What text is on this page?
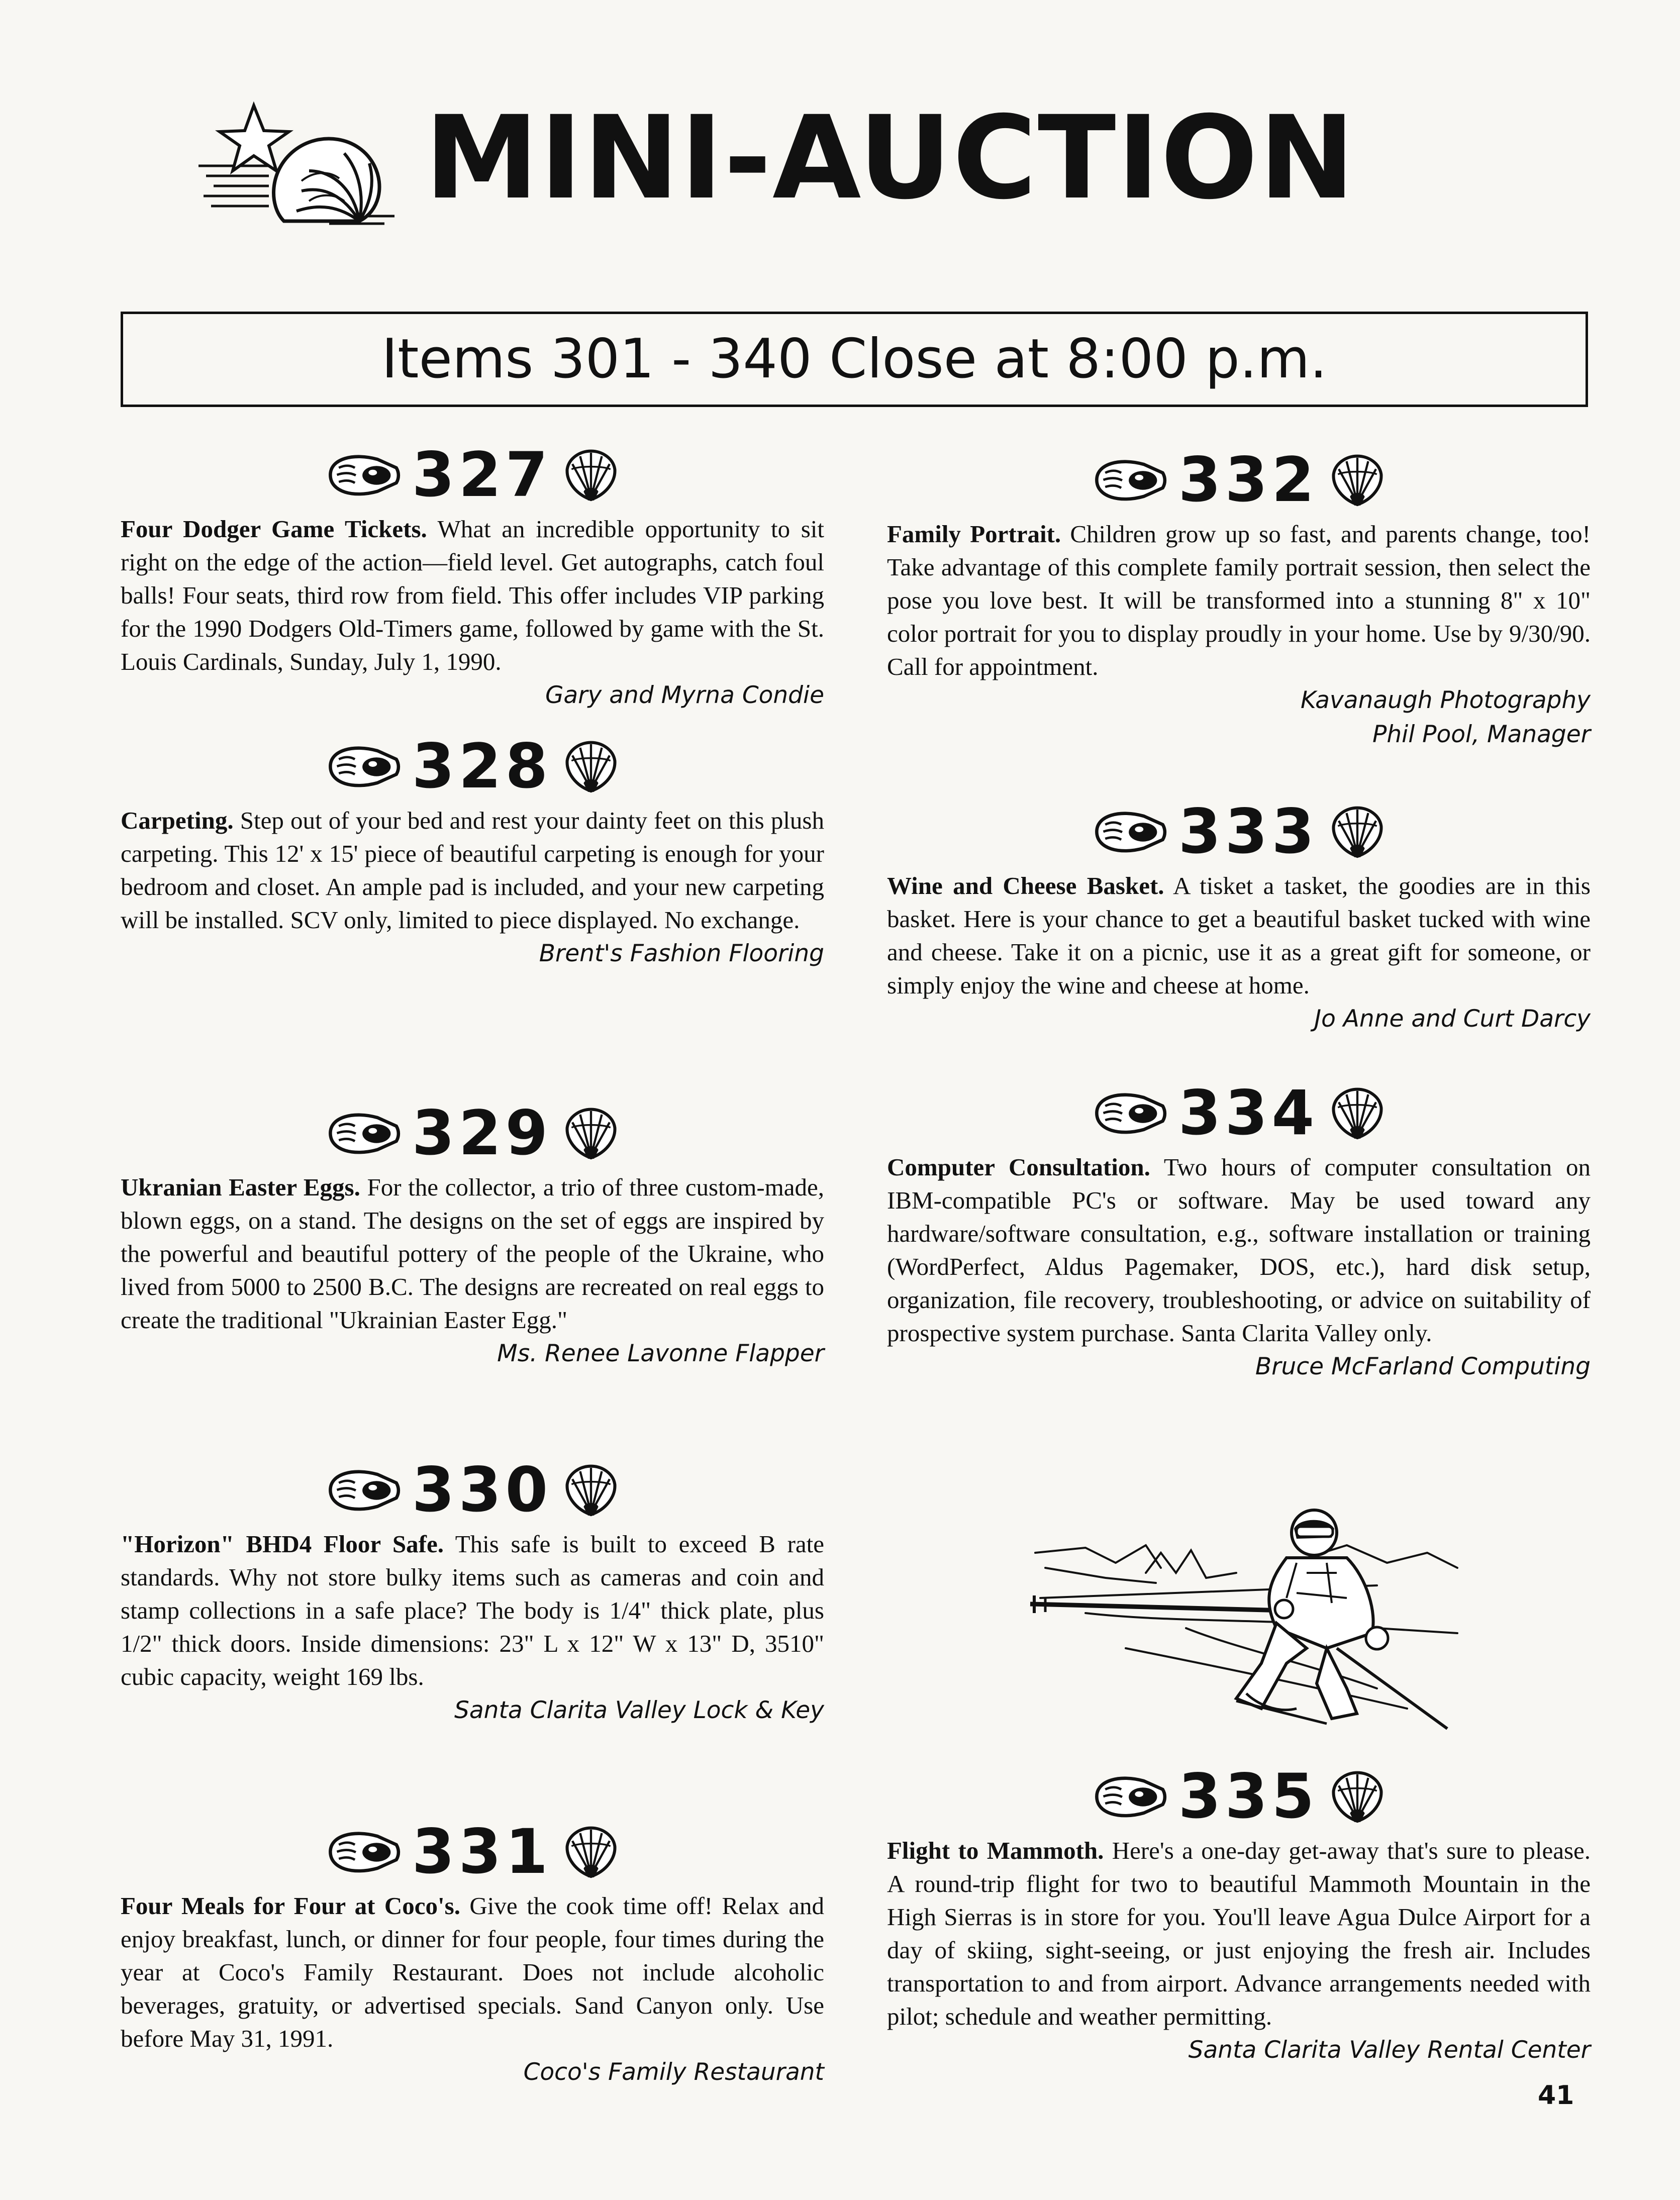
MINI-AUCTION
Items 301 - 340 Close at 8:00 p.m.
327

Four Dodger Game Tickets. What an incredible opportunity to sit right on the edge of the action—field level. Get autographs, catch foul balls! Four seats, third row from field. This offer includes VIP parking for the 1990 Dodgers Old-Timers game, followed by game with the St. Louis Cardinals, Sunday, July 1, 1990.

Gary and Myrna Condie
328

Carpeting. Step out of your bed and rest your dainty feet on this plush carpeting. This 12' x 15' piece of beautiful carpeting is enough for your bedroom and closet. An ample pad is included, and your new carpeting will be installed. SCV only, limited to piece displayed. No exchange.

Brent's Fashion Flooring
329

Ukranian Easter Eggs. For the collector, a trio of three custom-made, blown eggs, on a stand. The designs on the set of eggs are inspired by the powerful and beautiful pottery of the people of the Ukraine, who lived from 5000 to 2500 B.C. The designs are recreated on real eggs to create the traditional "Ukrainian Easter Egg."

Ms. Renee Lavonne Flapper
330

"Horizon" BHD4 Floor Safe. This safe is built to exceed B rate standards. Why not store bulky items such as cameras and coin and stamp collections in a safe place? The body is 1/4" thick plate, plus 1/2" thick doors. Inside dimensions: 23" L x 12" W x 13" D, 3510" cubic capacity, weight 169 lbs.

Santa Clarita Valley Lock & Key
331

Four Meals for Four at Coco's. Give the cook time off! Relax and enjoy breakfast, lunch, or dinner for four people, four times during the year at Coco's Family Restaurant. Does not include alcoholic beverages, gratuity, or advertised specials. Sand Canyon only. Use before May 31, 1991.

Coco's Family Restaurant
332

Family Portrait. Children grow up so fast, and parents change, too! Take advantage of this complete family portrait session, then select the pose you love best. It will be transformed into a stunning 8" x 10" color portrait for you to display proudly in your home. Use by 9/30/90. Call for appointment.

Kavanaugh Photography
Phil Pool, Manager
333

Wine and Cheese Basket. A tisket a tasket, the goodies are in this basket. Here is your chance to get a beautiful basket tucked with wine and cheese. Take it on a picnic, use it as a great gift for someone, or simply enjoy the wine and cheese at home.

Jo Anne and Curt Darcy
334

Computer Consultation. Two hours of computer consultation on IBM-compatible PC's or software. May be used toward any hardware/software consultation, e.g., software installation or training (WordPerfect, Aldus Pagemaker, DOS, etc.), hard disk setup, organization, file recovery, troubleshooting, or advice on suitability of prospective system purchase. Santa Clarita Valley only.

Bruce McFarland Computing
335

Flight to Mammoth. Here's a one-day get-away that's sure to please. A round-trip flight for two to beautiful Mammoth Mountain in the High Sierras is in store for you. You'll leave Agua Dulce Airport for a day of skiing, sight-seeing, or just enjoying the fresh air. Includes transportation to and from airport. Advance arrangements needed with pilot; schedule and weather permitting.

Santa Clarita Valley Rental Center
41
